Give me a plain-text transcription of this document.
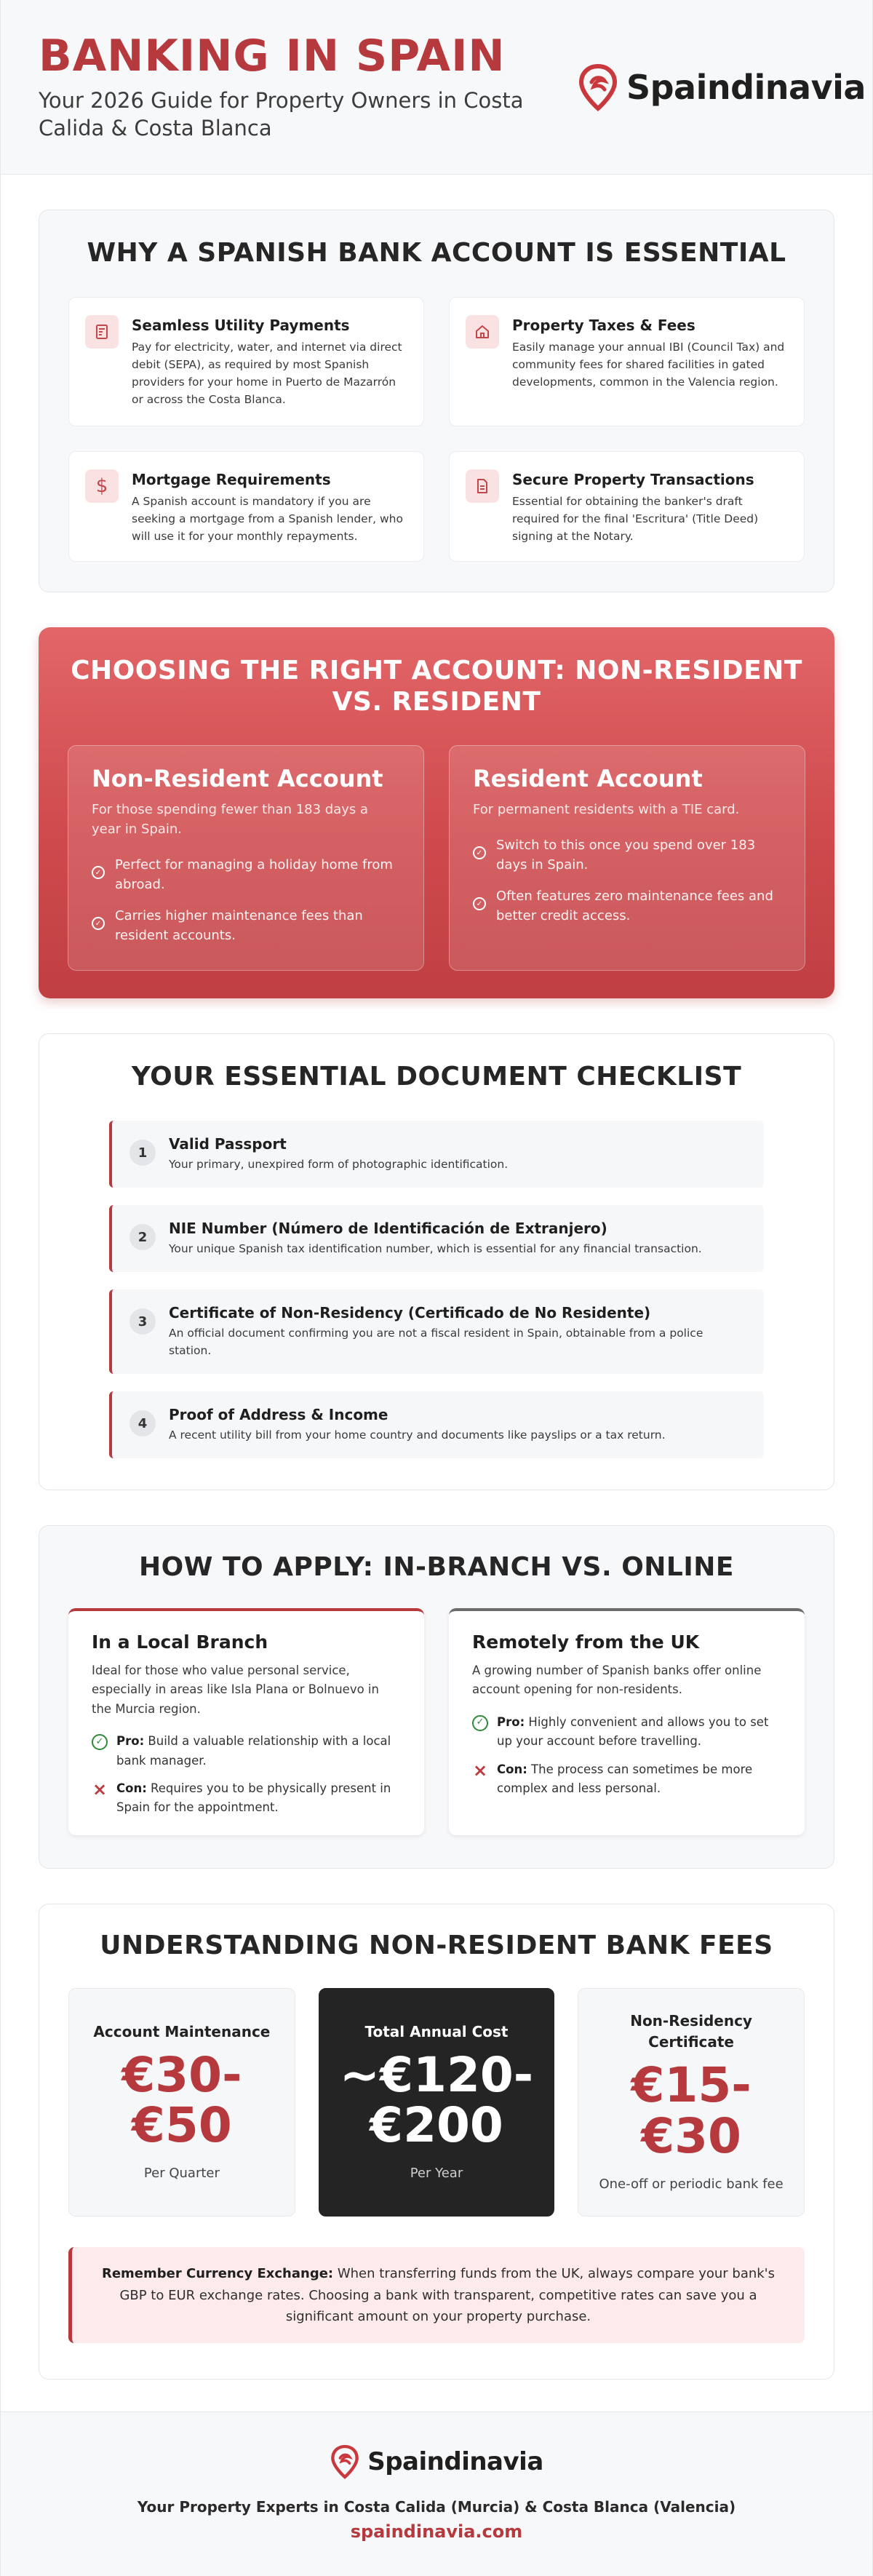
BANKING IN SPAIN
Your 2026 Guide for Property Owners in Costa Calida & Costa Blanca
Spaindinavia
WHY A SPANISH BANK ACCOUNT IS ESSENTIAL
Seamless Utility Payments
Pay for electricity, water, and internet via direct debit (SEPA), as required by most Spanish providers for your home in Puerto de Mazarrón or across the Costa Blanca.
Property Taxes & Fees
Easily manage your annual IBI (Council Tax) and community fees for shared facilities in gated developments, common in the Valencia region.
$	Mortgage Requirements
A Spanish account is mandatory if you are seeking a mortgage from a Spanish lender, who will use it for your monthly repayments.
Secure Property Transactions
Essential for obtaining the banker's draft required for the final 'Escritura' (Title Deed) signing at the Notary.
CHOOSING THE RIGHT ACCOUNT: NON-RESIDENT VS. RESIDENT
Non-Resident Account
For those spending fewer than 183 days a year in Spain.
✓ Perfect for managing a holiday home from abroad.
✓ Carries higher maintenance fees than resident accounts.
Resident Account
For permanent residents with a TIE card.
✓ Switch to this once you spend over 183 days in Spain.
✓ Often features zero maintenance fees and better credit access.
YOUR ESSENTIAL DOCUMENT CHECKLIST
1	Valid Passport
Your primary, unexpired form of photographic identification.
2	NIE Number (Número de Identificación de Extranjero)
Your unique Spanish tax identification number, which is essential for any financial transaction.
3	Certificate of Non-Residency (Certificado de No Residente)
An official document confirming you are not a fiscal resident in Spain, obtainable from a police station.
4	Proof of Address & Income
A recent utility bill from your home country and documents like payslips or a tax return.
HOW TO APPLY: IN-BRANCH VS. ONLINE
In a Local Branch
Ideal for those who value personal service, especially in areas like Isla Plana or Bolnuevo in the Murcia region.
✓	Pro: Build a valuable relationship with a local bank manager.
× Con: Requires you to be physically present in Spain for the appointment.
Remotely from the UK
A growing number of Spanish banks offer online account opening for non-residents.
✓	Pro: Highly convenient and allows you to set up your account before travelling.
× Con: The process can sometimes be more complex and less personal.
UNDERSTANDING NON-RESIDENT BANK FEES
Account Maintenance
€30-
€50
Per Quarter
Total Annual Cost
~€120-
€200
Per Year
Non-Residency Certificate
€15-
€30
One-off or periodic bank fee
Remember Currency Exchange: When transferring funds from the UK, always compare your bank's GBP to EUR exchange rates. Choosing a bank with transparent, competitive rates can save you a significant amount on your property purchase.
Spaindinavia
Your Property Experts in Costa Calida (Murcia) & Costa Blanca (Valencia)
spaindinavia.com
